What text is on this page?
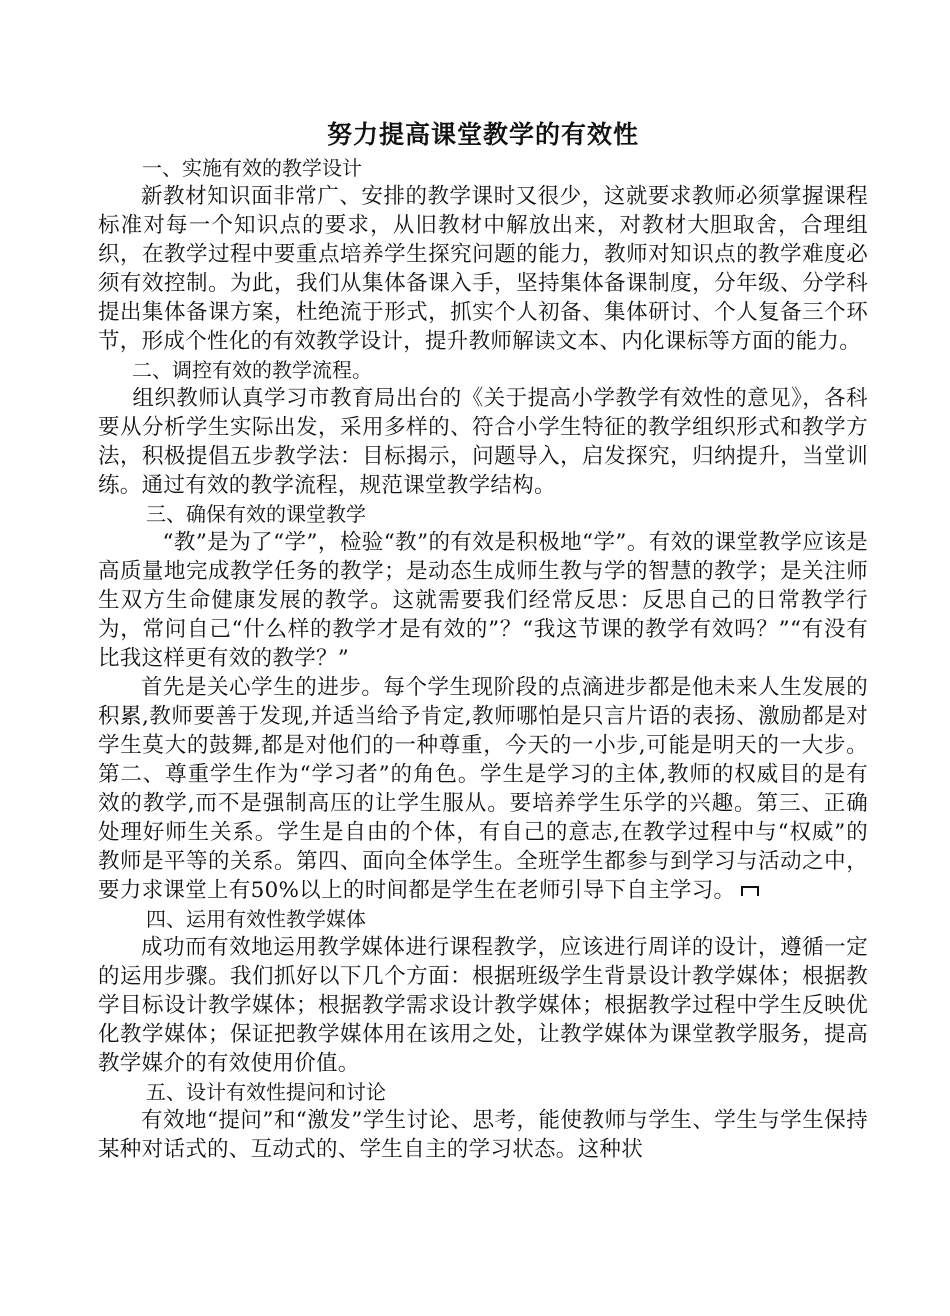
努力提高课堂教学的有效性
一、实施有效的教学设计

新教材知识面非常广、安排的教学课时又很少，这就要求教师必须掌握课程标准对每一个知识点的要求，从旧教材中解放出来，对教材大胆取舍，合理组织，在教学过程中要重点培养学生探究问题的能力，教师对知识点的教学难度必须有效控制。为此，我们从集体备课入手，坚持集体备课制度，分年级、分学科提出集体备课方案，杜绝流于形式，抓实个人初备、集体研讨、个人复备三个环节，形成个性化的有效教学设计，提升教师解读文本、内化课标等方面的能力。

二、调控有效的教学流程。

组织教师认真学习市教育局出台的《关于提高小学教学有效性的意见》，各科要从分析学生实际出发，采用多样的、符合小学生特征的教学组织形式和教学方法，积极提倡五步教学法：目标揭示，问题导入，启发探究，归纳提升，当堂训练。通过有效的教学流程，规范课堂教学结构。

三、确保有效的课堂教学

“教”是为了“学”，检验“教”的有效是积极地“学”。有效的课堂教学应该是高质量地完成教学任务的教学；是动态生成师生教与学的智慧的教学；是关注师生双方生命健康发展的教学。这就需要我们经常反思：反思自己的日常教学行为，常问自己“什么样的教学才是有效的”？“我这节课的教学有效吗？”“有没有比我这样更有效的教学？”

首先是关心学生的进步。每个学生现阶段的点滴进步都是他未来人生发展的积累,教师要善于发现,并适当给予肯定,教师哪怕是只言片语的表扬、激励都是对学生莫大的鼓舞,都是对他们的一种尊重，今天的一小步,可能是明天的一大步。第二、尊重学生作为“学习者”的角色。学生是学习的主体,教师的权威目的是有效的教学,而不是强制高压的让学生服从。要培养学生乐学的兴趣。第三、正确处理好师生关系。学生是自由的个体，有自己的意志,在教学过程中与“权威”的教师是平等的关系。第四、面向全体学生。全班学生都参与到学习与活动之中，要力求课堂上有50%以上的时间都是学生在老师引导下自主学习。

四、运用有效性教学媒体

成功而有效地运用教学媒体进行课程教学，应该进行周详的设计，遵循一定的运用步骤。我们抓好以下几个方面：根据班级学生背景设计教学媒体；根据教学目标设计教学媒体；根据教学需求设计教学媒体；根据教学过程中学生反映优化教学媒体；保证把教学媒体用在该用之处，让教学媒体为课堂教学服务，提高教学媒介的有效使用价值。

五、设计有效性提问和讨论

有效地“提问”和“激发”学生讨论、思考，能使教师与学生、学生与学生保持某种对话式的、互动式的、学生自主的学习状态。这种状
